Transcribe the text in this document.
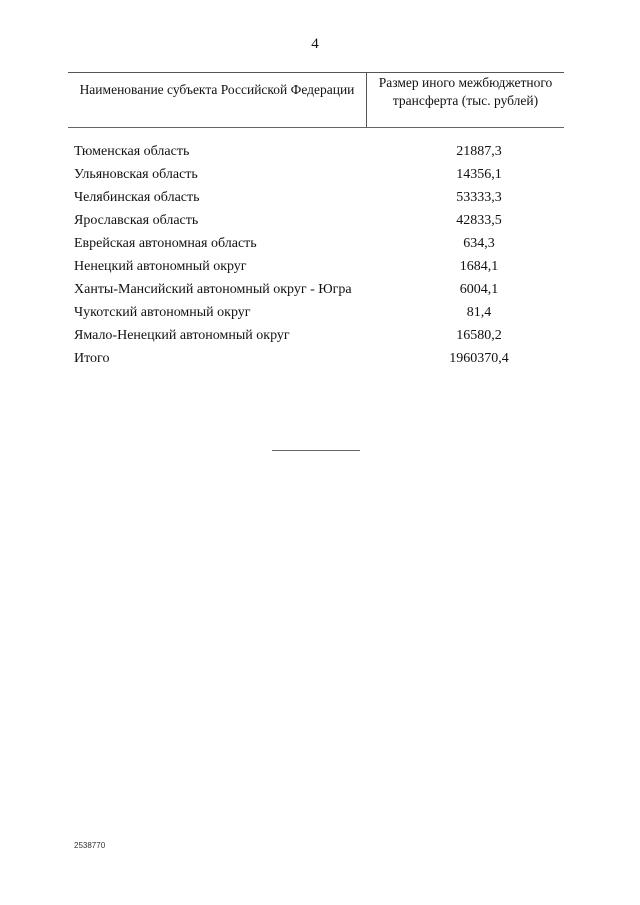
4
Наименование субъекта Российской Федерации	Размер иного межбюджетного трансферта (тыс. рублей)
Тюменская область	21887,3
Ульяновская область	14356,1
Челябинская область	53333,3
Ярославская область	42833,5
Еврейская автономная область	634,3
Ненецкий автономный округ	1684,1
Ханты-Мансийский автономный округ - Югра	6004,1
Чукотский автономный округ	81,4
Ямало-Ненецкий автономный округ	16580,2
Итого	1960370,4
2538770
